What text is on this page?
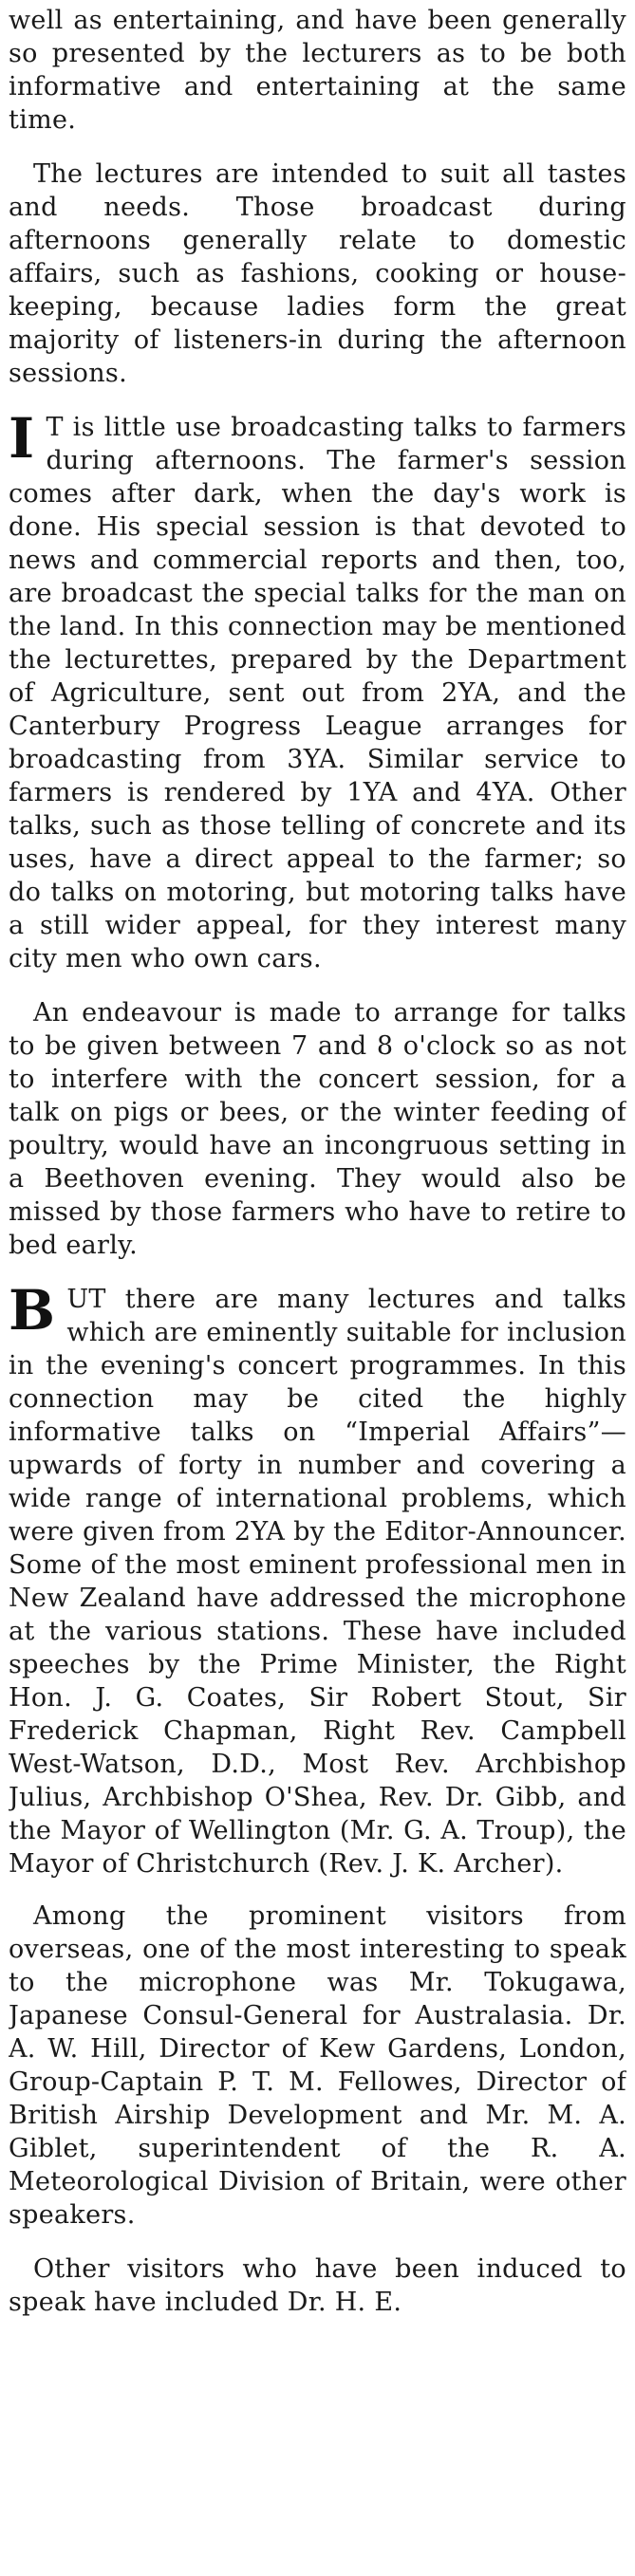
well as entertaining, and have been generally so presented by the lecturers as to be both informative and entertaining at the same time.

The lectures are intended to suit all tastes and needs. Those broadcast during afternoons generally relate to domestic affairs, such as fashions, cooking or house-keeping, because ladies form the great majority of listeners-in during the afternoon sessions.

I T is little use broadcasting talks to farmers during afternoons. The farmer's session comes after dark, when the day's work is done. His special session is that devoted to news and commercial reports and then, too, are broadcast the special talks for the man on the land. In this connection may be mentioned the lecturettes, prepared by the Department of Agriculture, sent out from 2YA, and the Canterbury Progress League arranges for broadcasting from 3YA. Similar service to farmers is rendered by 1YA and 4YA. Other talks, such as those telling of concrete and its uses, have a direct appeal to the farmer; so do talks on motoring, but motoring talks have a still wider appeal, for they interest many city men who own cars.

An endeavour is made to arrange for talks to be given between 7 and 8 o'clock so as not to interfere with the concert session, for a talk on pigs or bees, or the winter feeding of poultry, would have an incongruous setting in a Beethoven evening. They would also be missed by those farmers who have to retire to bed early.

BUT there are many lectures and talks which are eminently suitable for inclusion in the evening's concert programmes. In this connection may be cited the highly informative talks on “Imperial Affairs”—upwards of forty in number and covering a wide range of international problems, which were given from 2YA by the Editor-Announcer. Some of the most eminent professional men in New Zealand have addressed the microphone at the various stations. These have included speeches by the Prime Minister, the Right Hon. J. G. Coates, Sir Robert Stout, Sir Frederick Chapman, Right Rev. Campbell West-Watson, D.D., Most Rev. Archbishop Julius, Archbishop O'Shea, Rev. Dr. Gibb, and the Mayor of Wellington (Mr. G. A. Troup), the Mayor of Christchurch (Rev. J. K. Archer).

Among the prominent visitors from overseas, one of the most interesting to speak to the microphone was Mr. Tokugawa, Japanese Consul-General for Australasia. Dr. A. W. Hill, Director of Kew Gardens, London, Group-Captain P. T. M. Fellowes, Director of British Airship Development and Mr. M. A. Giblet, superintendent of the R. A. Meteorological Division of Britain, were other speakers.

Other visitors who have been induced to speak have included Dr. H. E.
